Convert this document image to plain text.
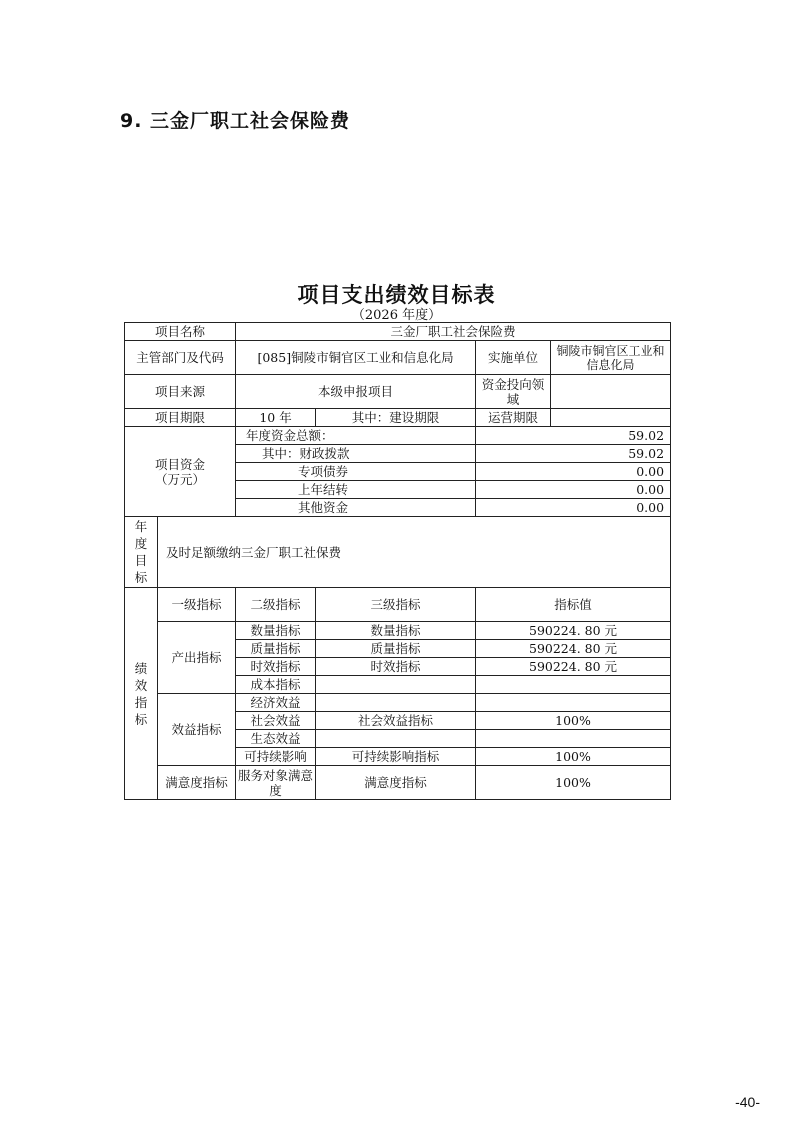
9. 三金厂职工社会保险费
项目支出绩效目标表
（2026 年度）
项目名称		三金厂职工社会保险费			
主管部门及代码		[085]铜陵市铜官区工业和信息化局		实施单位	铜陵市铜官区工业和信息化局
项目来源		本级申报项目		资金投向领域	
项目期限		10 年	其中：建设期限	运营期限	

项目资金
（万元）		年度资金总额：		59.02	
		其中：财政拨款		59.02	
		专项债券		0.00	
		上年结转		0.00	
		其他资金		0.00	

年
度
目
标	及时足额缴纳三金厂职工社保费				

绩
效
指
标	一级指标	二级指标	三级指标	指标值	
	产出指标	数量指标	数量指标	590224. 80 元	
		质量指标	质量指标	590224. 80 元	
		时效指标	时效指标	590224. 80 元	
		成本指标			
	效益指标	经济效益			
		社会效益	社会效益指标	100%	
		生态效益			
		可持续影响	可持续影响指标	100%	
	满意度指标	服务对象满意度	满意度指标	100%	
-40-
